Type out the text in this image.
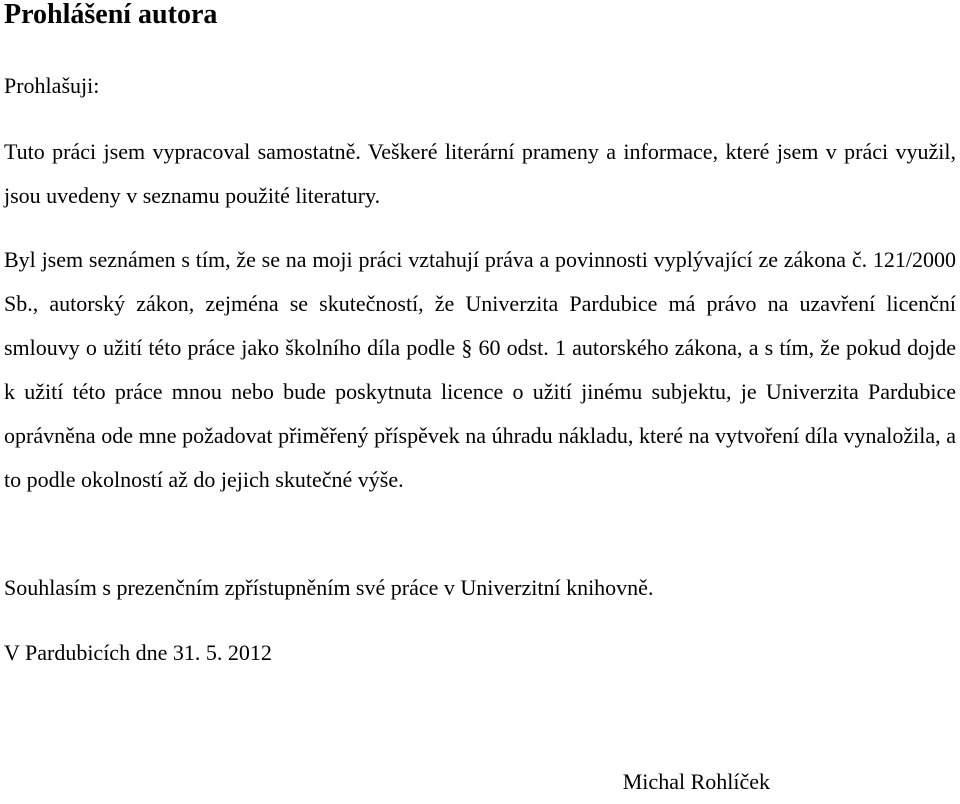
Prohlášení autora

Prohlašuji:

Tuto práci jsem vypracoval samostatně. Veškeré literární prameny a informace, které jsem v práci využil, jsou uvedeny v seznamu použité literatury.

Byl jsem seznámen s tím, že se na moji práci vztahují práva a povinnosti vyplývající ze zákona č. 121/2000 Sb., autorský zákon, zejména se skutečností, že Univerzita Pardubice má právo na uzavření licenční smlouvy o užití této práce jako školního díla podle § 60 odst. 1 autorského zákona, a s tím, že pokud dojde k užití této práce mnou nebo bude poskytnuta licence o užití jinému subjektu, je Univerzita Pardubice oprávněna ode mne požadovat přiměřený příspěvek na úhradu nákladu, které na vytvoření díla vynaložila, a to podle okolností až do jejich skutečné výše.

Souhlasím s prezenčním zpřístupněním své práce v Univerzitní knihovně.

V Pardubicích dne 31. 5. 2012

Michal Rohlíček
